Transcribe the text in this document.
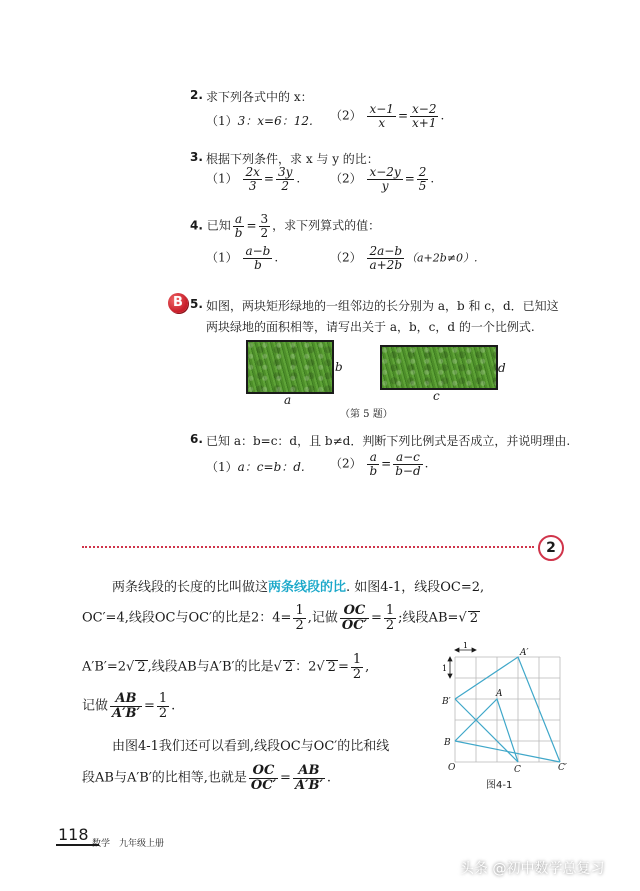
2. 求下列各式中的 x：
（1）3：x=6：12. $(2) \frac{x-1}{x} = \frac{x-2}{x+1}$ .
3. 根据下列条件，求 x 与 y 的比：
$(1) \frac{2x}{3} = \frac{3y}{2}$ . $(2) \frac{x-2y}{y} = \frac{2}{5}$ .
4. 已知 $\frac{a}{b} = \frac{3}{2}$ ，求下列算式的值：
$(1) \frac{a-b}{b}$ .	$(2) \frac{2a-b}{a+2b} (a+2b\ne 0)$.
B 5. 如图，两块矩形绿地的一组邻边的长分别为 a，b 和 c，d．已知这
两块绿地的面积相等，请写出关于 a，b，c，d 的一个比例式.
b
a
d
c
（第 5 题）
6. 已知 a：b=c：d，且 b≠d．判断下列比例式是否成立，并说明理由.
（1）a：c=b：d. $(2) \frac{a}{b} = \frac{a-c}{b-d}$ .
2
两条线段的长度的比叫做这两条线段的比. 如图4-1，线段OC=2,
OC′=4,线段OC与OC′的比是2：$4= \frac{1}{2}$ ,记做 $\frac{OC}{OC'} = \frac{1}{2}$ ;线段AB=√ 2
A′B′=2√ 2 ,线段AB与A′B′的比是√ 2 ：2√ $2 = \frac{1}{2}$ ,
记做 $\frac{AB}{A'B'} = \frac{1}{2}$ .
由图4-1我们还可以看到,线段OC与OC′的比和线
段AB与A′B′的比相等,也就是 $\frac{OC}{OC'} = \frac{AB}{A'B'}$ .
1
1
O
B
B′
A
A′
C	C′
图4-1
118 数学　九年级上册
头条 @初中数学总复习
